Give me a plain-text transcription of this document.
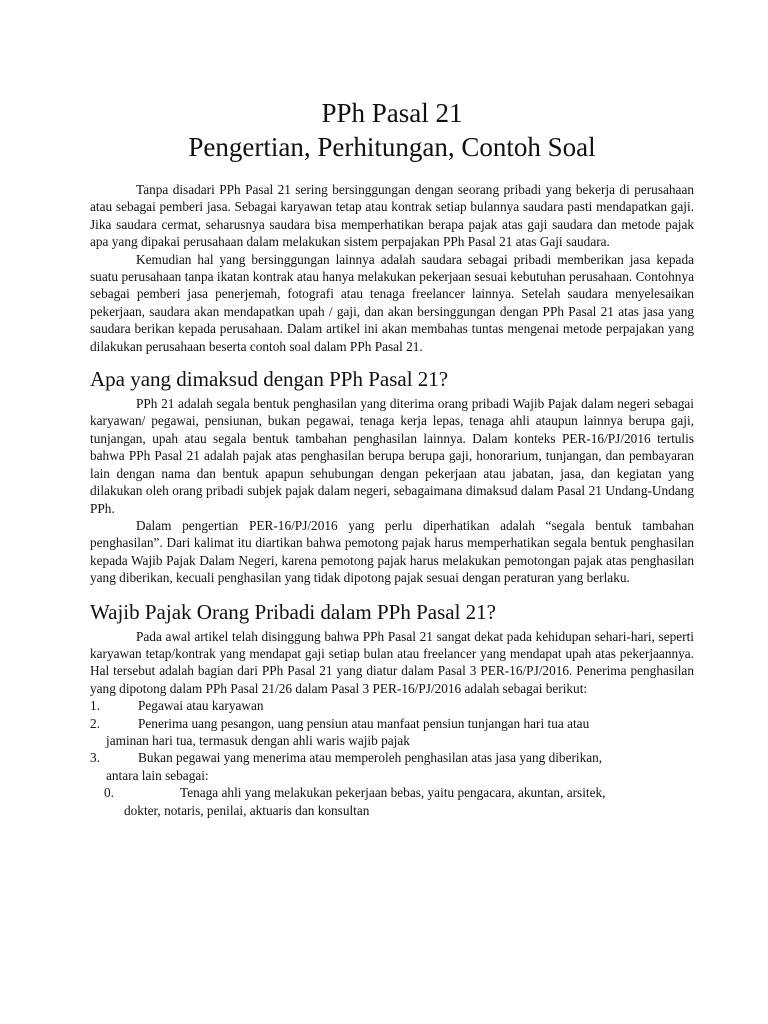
PPh Pasal 21
Pengertian, Perhitungan, Contoh Soal

Tanpa disadari PPh Pasal 21 sering bersinggungan dengan seorang pribadi yang bekerja di perusahaan atau sebagai pemberi jasa. Sebagai karyawan tetap atau kontrak setiap bulannya saudara pasti mendapatkan gaji. Jika saudara cermat, seharusnya saudara bisa memperhatikan berapa pajak atas gaji saudara dan metode pajak apa yang dipakai perusahaan dalam melakukan sistem perpajakan PPh Pasal 21 atas Gaji saudara.

Kemudian hal yang bersinggungan lainnya adalah saudara sebagai pribadi memberikan jasa kepada suatu perusahaan tanpa ikatan kontrak atau hanya melakukan pekerjaan sesuai kebutuhan perusahaan. Contohnya sebagai pemberi jasa penerjemah, fotografi atau tenaga freelancer lainnya. Setelah saudara menyelesaikan pekerjaan, saudara akan mendapatkan upah / gaji, dan akan bersinggungan dengan PPh Pasal 21 atas jasa yang saudara berikan kepada perusahaan. Dalam artikel ini akan membahas tuntas mengenai metode perpajakan yang dilakukan perusahaan beserta contoh soal dalam PPh Pasal 21.

Apa yang dimaksud dengan PPh Pasal 21?

PPh 21 adalah segala bentuk penghasilan yang diterima orang pribadi Wajib Pajak dalam negeri sebagai karyawan/ pegawai, pensiunan, bukan pegawai, tenaga kerja lepas, tenaga ahli ataupun lainnya berupa gaji, tunjangan, upah atau segala bentuk tambahan penghasilan lainnya. Dalam konteks PER-16/PJ/2016 tertulis bahwa PPh Pasal 21 adalah pajak atas penghasilan berupa berupa gaji, honorarium, tunjangan, dan pembayaran lain dengan nama dan bentuk apapun sehubungan dengan pekerjaan atau jabatan, jasa, dan kegiatan yang dilakukan oleh orang pribadi subjek pajak dalam negeri, sebagaimana dimaksud dalam Pasal 21 Undang-Undang PPh.

Dalam pengertian PER-16/PJ/2016 yang perlu diperhatikan adalah “segala bentuk tambahan penghasilan”. Dari kalimat itu diartikan bahwa pemotong pajak harus memperhatikan segala bentuk penghasilan kepada Wajib Pajak Dalam Negeri, karena pemotong pajak harus melakukan pemotongan pajak atas penghasilan yang diberikan, kecuali penghasilan yang tidak dipotong pajak sesuai dengan peraturan yang berlaku.

Wajib Pajak Orang Pribadi dalam PPh Pasal 21?

Pada awal artikel telah disinggung bahwa PPh Pasal 21 sangat dekat pada kehidupan sehari-hari, seperti karyawan tetap/kontrak yang mendapat gaji setiap bulan atau freelancer yang mendapat upah atas pekerjaannya. Hal tersebut adalah bagian dari PPh Pasal 21 yang diatur dalam Pasal 3 PER-16/PJ/2016. Penerima penghasilan yang dipotong dalam PPh Pasal 21/26 dalam Pasal 3 PER-16/PJ/2016 adalah sebagai berikut:

1.	Pegawai atau karyawan
2.	Penerima uang pesangon, uang pensiun atau manfaat pensiun tunjangan hari tua atau
jaminan hari tua, termasuk dengan ahli waris wajib pajak
3.	Bukan pegawai yang menerima atau memperoleh penghasilan atas jasa yang diberikan,
antara lain sebagai:
0.	Tenaga ahli yang melakukan pekerjaan bebas, yaitu pengacara, akuntan, arsitek,
dokter, notaris, penilai, aktuaris dan konsultan
